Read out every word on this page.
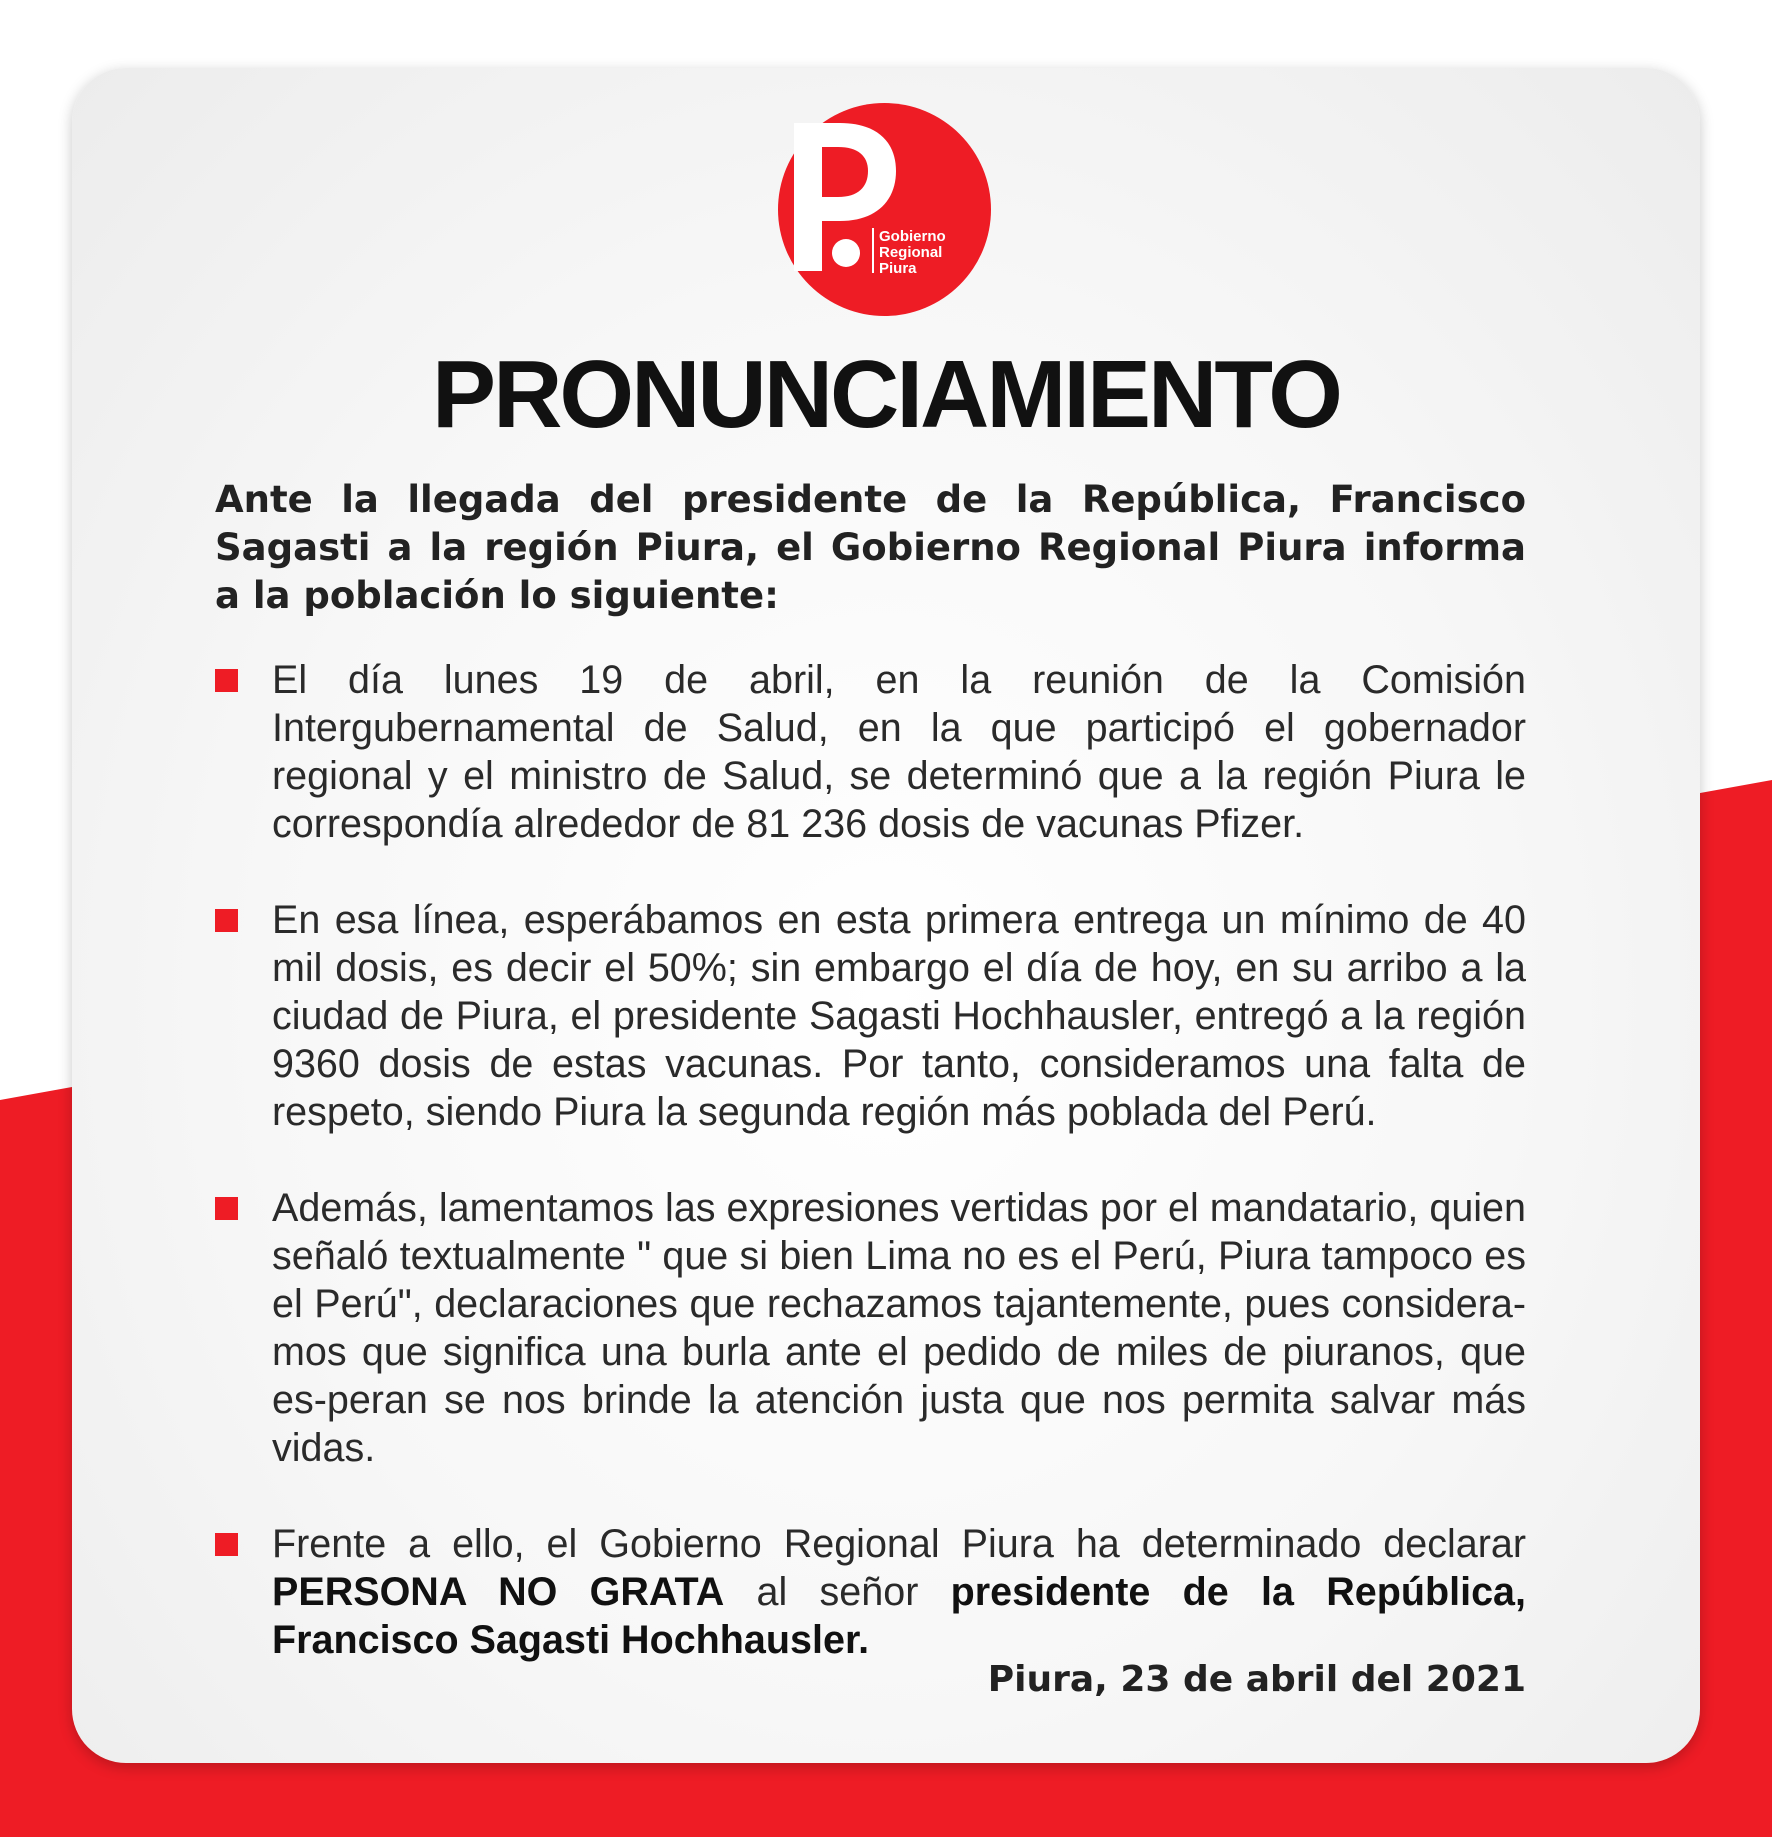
Gobierno
Regional
Piura
PRONUNCIAMIENTO
Ante la llegada del presidente de la República, Francisco Sagasti a la región Piura, el Gobierno Regional Piura informa a la población lo siguiente:
El día lunes 19 de abril, en la reunión de la Comisión Intergubernamental de Salud, en la que participó el gobernador regional y el ministro de Salud, se determinó que a la región Piura le correspondía alrededor de 81 236 dosis de vacunas Pfizer.
En esa línea, esperábamos en esta primera entrega un mínimo de 40 mil dosis, es decir el 50%; sin embargo el día de hoy, en su arribo a la ciudad de Piura, el presidente Sagasti Hochhausler, entregó a la región 9360 dosis de estas vacunas. Por tanto, consideramos una falta de respeto, siendo Piura la segunda región más poblada del Perú.
Además, lamentamos las expresiones vertidas por el mandatario, quien señaló textualmente " que si bien Lima no es el Perú, Piura tampoco es el Perú", declaraciones que rechazamos tajantemente, pues considera-mos que significa una burla ante el pedido de miles de piuranos, que es-peran se nos brinde la atención justa que nos permita salvar más vidas.
Frente a ello, el Gobierno Regional Piura ha determinado declarar PERSONA NO GRATA al señor presidente de la República, Francisco Sagasti Hochhausler.
Piura, 23 de abril del 2021
